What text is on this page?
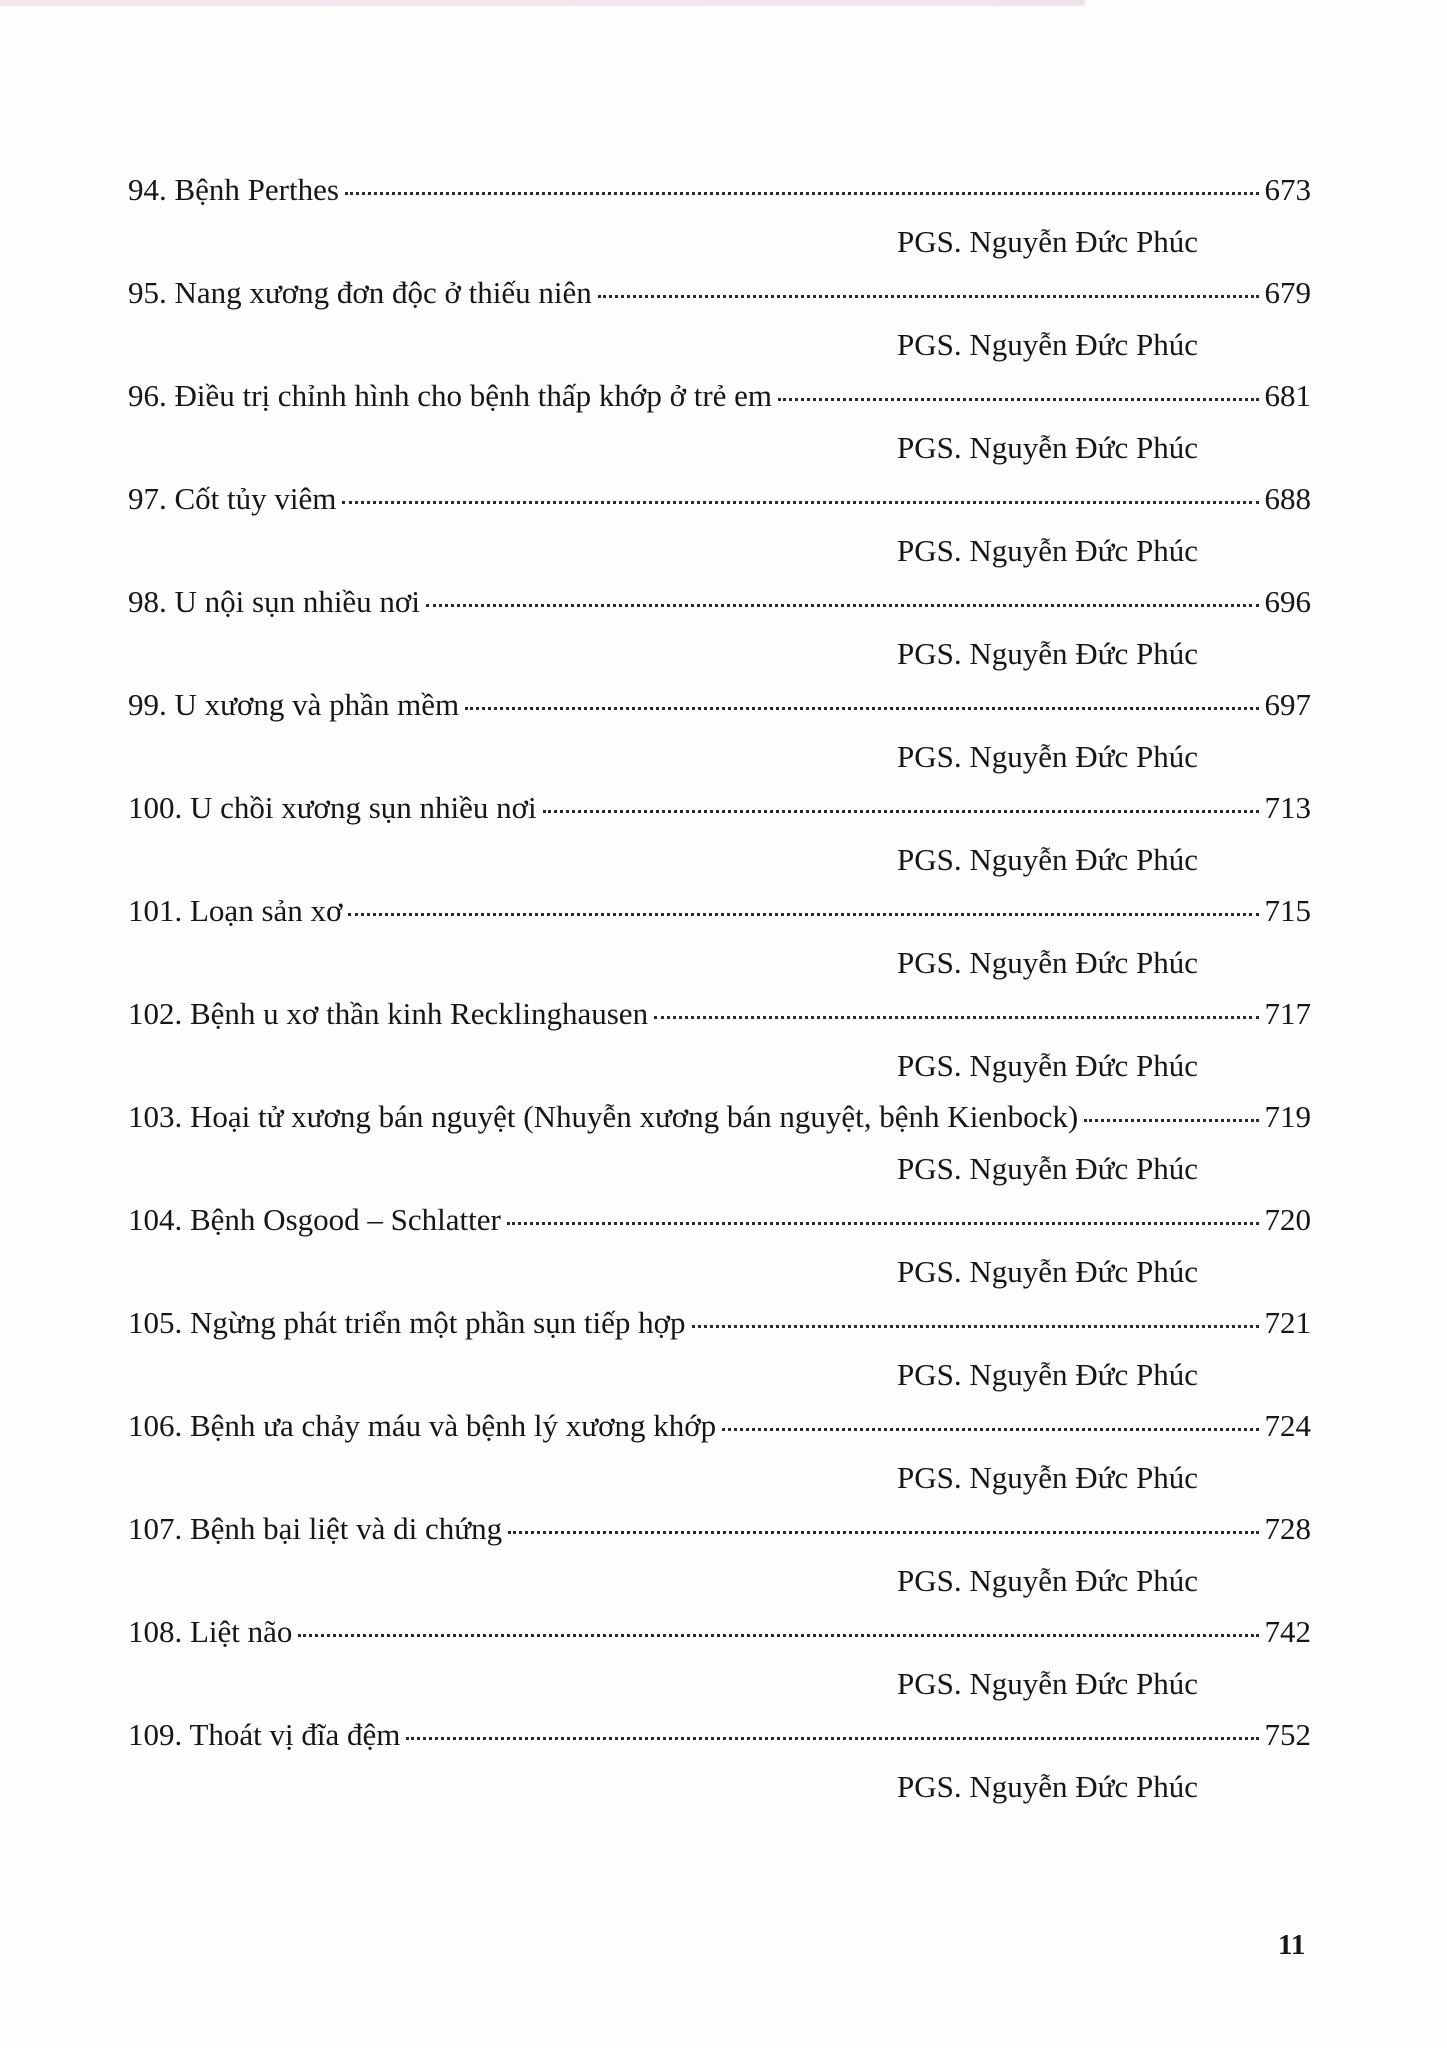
94. Bệnh Perthes	673
PGS. Nguyễn Đức Phúc
95. Nang xương đơn độc ở thiếu niên	679
PGS. Nguyễn Đức Phúc
96. Điều trị chỉnh hình cho bệnh thấp khớp ở trẻ em	681
PGS. Nguyễn Đức Phúc
97. Cốt tủy viêm	688
PGS. Nguyễn Đức Phúc
98. U nội sụn nhiều nơi	696
PGS. Nguyễn Đức Phúc
99. U xương và phần mềm	697
PGS. Nguyễn Đức Phúc
100. U chồi xương sụn nhiều nơi	713
PGS. Nguyễn Đức Phúc
101. Loạn sản xơ	715
PGS. Nguyễn Đức Phúc
102. Bệnh u xơ thần kinh Recklinghausen	717
PGS. Nguyễn Đức Phúc
103. Hoại tử xương bán nguyệt (Nhuyễn xương bán nguyệt, bệnh Kienbock)	719
PGS. Nguyễn Đức Phúc
104. Bệnh Osgood – Schlatter	720
PGS. Nguyễn Đức Phúc
105. Ngừng phát triển một phần sụn tiếp hợp	721
PGS. Nguyễn Đức Phúc
106. Bệnh ưa chảy máu và bệnh lý xương khớp	724
PGS. Nguyễn Đức Phúc
107. Bệnh bại liệt và di chứng	728
PGS. Nguyễn Đức Phúc
108. Liệt não	742
PGS. Nguyễn Đức Phúc
109. Thoát vị đĩa đệm	752
PGS. Nguyễn Đức Phúc
11
